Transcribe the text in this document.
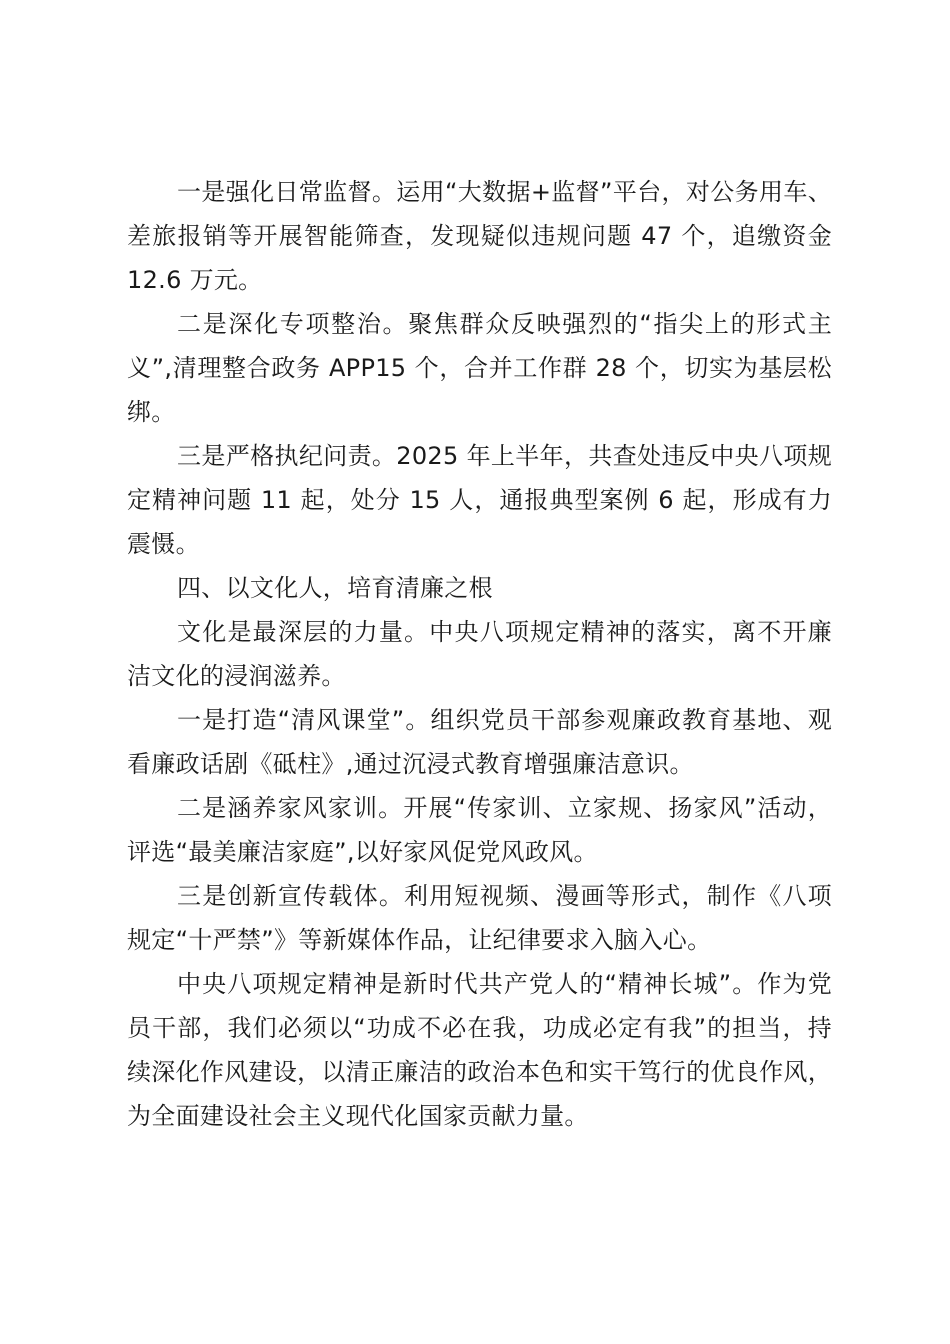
一是强化日常监督。运用“大数据+监督”平台，对公务用车、差旅报销等开展智能筛查，发现疑似违规问题 47 个，追缴资金 12.6 万元。

二是深化专项整治。聚焦群众反映强烈的“指尖上的形式主义”,清理整合政务 APP15 个，合并工作群 28 个，切实为基层松绑。

三是严格执纪问责。2025 年上半年，共查处违反中央八项规定精神问题 11 起，处分 15 人，通报典型案例 6 起，形成有力震慑。

四、以文化人，培育清廉之根

文化是最深层的力量。中央八项规定精神的落实，离不开廉洁文化的浸润滋养。

一是打造“清风课堂”。组织党员干部参观廉政教育基地、观看廉政话剧《砥柱》,通过沉浸式教育增强廉洁意识。

二是涵养家风家训。开展“传家训、立家规、扬家风”活动，评选“最美廉洁家庭”,以好家风促党风政风。

三是创新宣传载体。利用短视频、漫画等形式，制作《八项规定“十严禁”》等新媒体作品，让纪律要求入脑入心。

中央八项规定精神是新时代共产党人的“精神长城”。作为党员干部，我们必须以“功成不必在我，功成必定有我”的担当，持续深化作风建设，以清正廉洁的政治本色和实干笃行的优良作风，为全面建设社会主义现代化国家贡献力量。
